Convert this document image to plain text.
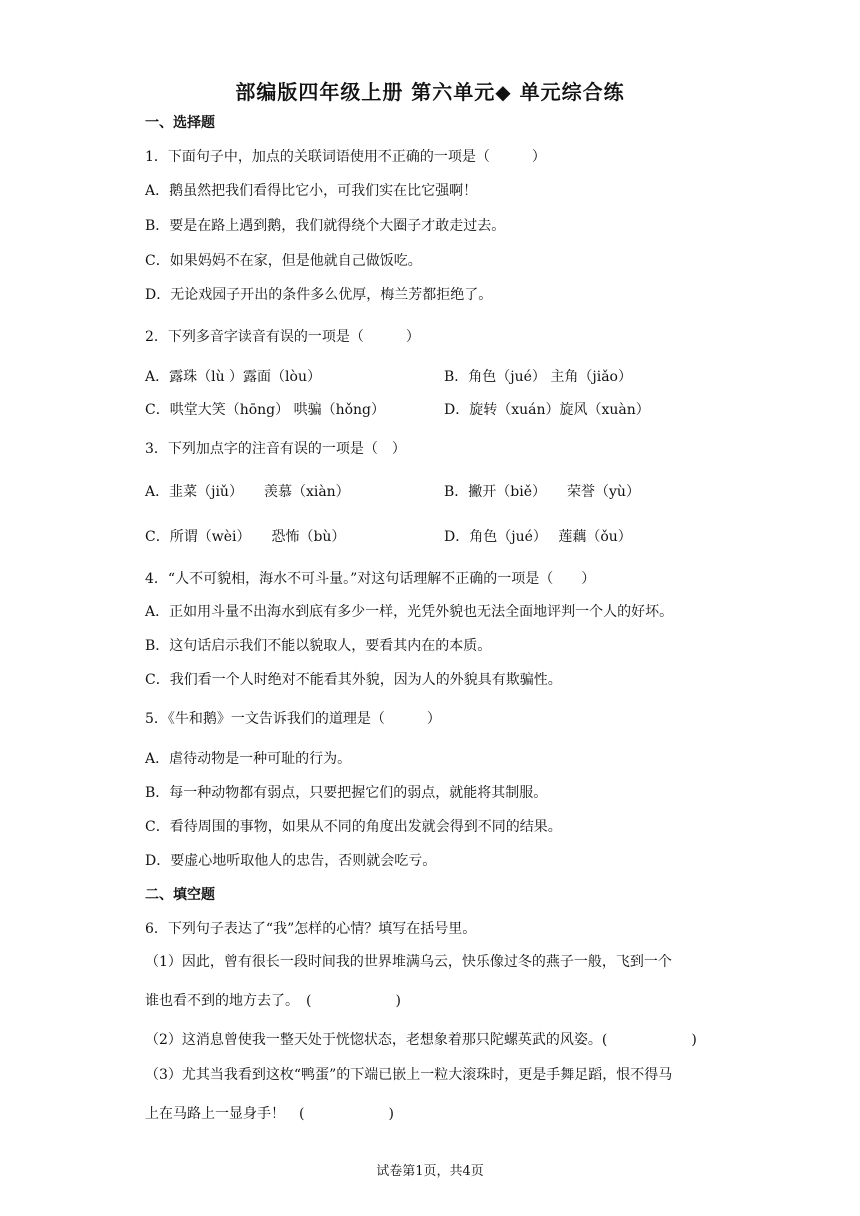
部编版四年级上册 第六单元◆ 单元综合练
一、选择题
1．下面句子中，加点的关联词语使用不正确的一项是（　　　）
A．鹅虽然把我们看得比它小，可我们实在比它强啊！
B．要是在路上遇到鹅，我们就得绕个大圈子才敢走过去。
C．如果妈妈不在家，但是他就自己做饭吃。
D．无论戏园子开出的条件多么优厚，梅兰芳都拒绝了。
2．下列多音字读音有误的一项是（　　　）
A．露珠（lù ）露面（lòu）	B．角色（jué） 主角（jiǎo）
C．哄堂大笑（hōng） 哄骗（hǒng）	D．旋转（xuán）旋风（xuàn）
3．下列加点字的注音有误的一项是（　）
A．韭菜（jiǔ）　　羡慕（xiàn）	B．撇开（biě）　　荣誉（yù）
C．所谓（wèi）　　恐怖（bù）	D．角色（jué）　 莲藕（ǒu）
4．“人不可貌相，海水不可斗量。”对这句话理解不正确的一项是（　　）
A．正如用斗量不出海水到底有多少一样，光凭外貌也无法全面地评判一个人的好坏。
B．这句话启示我们不能以貌取人，要看其内在的本质。
C．我们看一个人时绝对不能看其外貌，因为人的外貌具有欺骗性。
5．《牛和鹅》一文告诉我们的道理是（　　　）
A．虐待动物是一种可耻的行为。
B．每一种动物都有弱点，只要把握它们的弱点，就能将其制服。
C．看待周围的事物，如果从不同的角度出发就会得到不同的结果。
D．要虚心地听取他人的忠告，否则就会吃亏。
二、填空题
6．下列句子表达了“我”怎样的心情？填写在括号里。
（1）因此，曾有很长一段时间我的世界堆满乌云，快乐像过冬的燕子一般，飞到一个
谁也看不到的地方去了。　(　　　　　　)
（2）这消息曾使我一整天处于恍惚状态，老想象着那只陀螺英武的风姿。(　　　　　　)
（3）尤其当我看到这枚“鸭蛋”的下端已嵌上一粒大滚珠时，更是手舞足蹈，恨不得马
上在马路上一显身手！　(　　　　　　)
试卷第1页，共4页
